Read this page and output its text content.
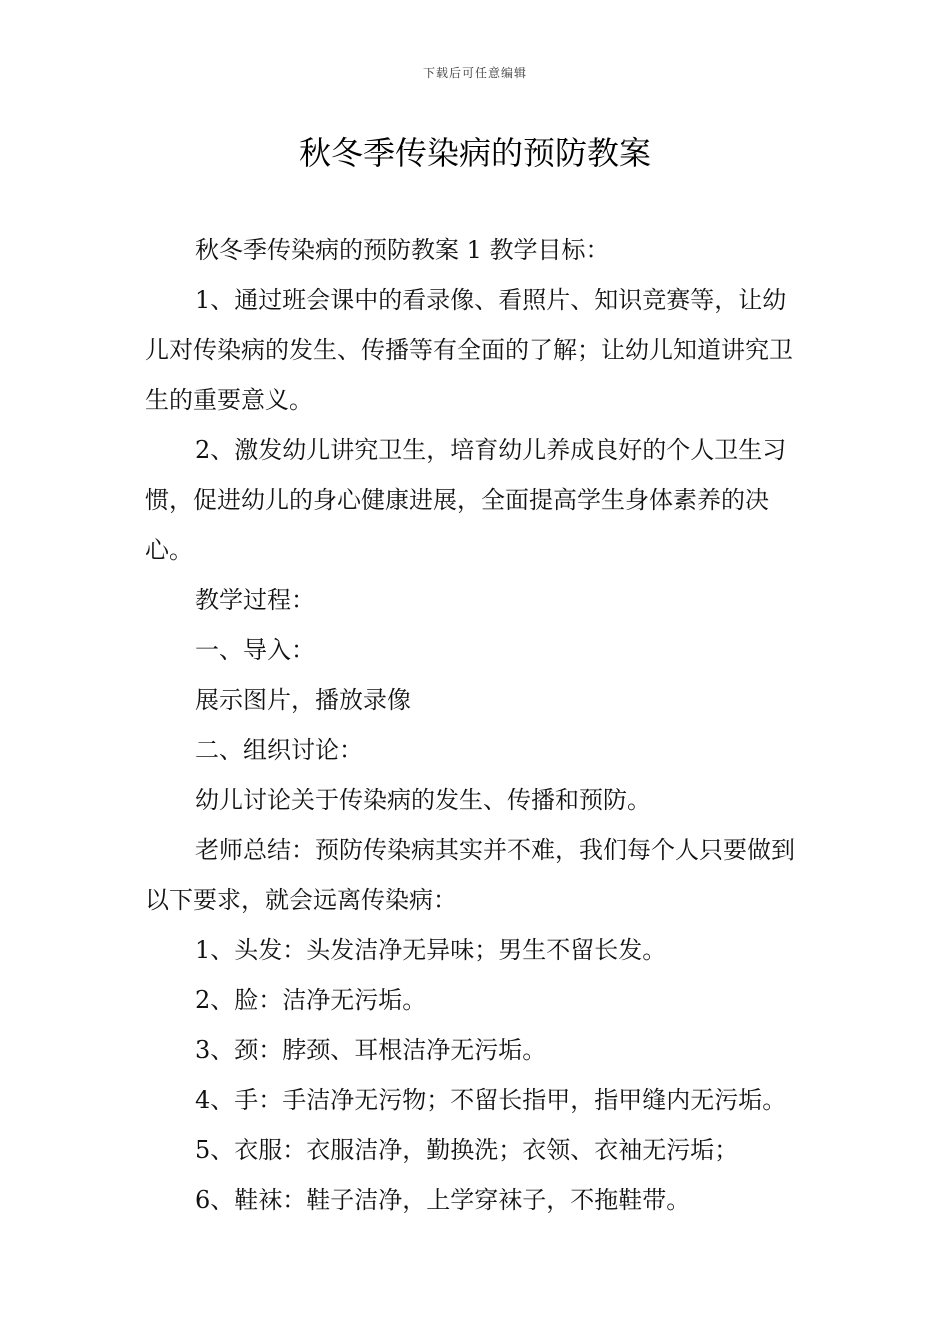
下载后可任意编辑
秋冬季传染病的预防教案

秋冬季传染病的预防教案 1 教学目标：

1、通过班会课中的看录像、看照片、知识竞赛等，让幼儿对传染病的发生、传播等有全面的了解；让幼儿知道讲究卫生的重要意义。

2、激发幼儿讲究卫生，培育幼儿养成良好的个人卫生习惯，促进幼儿的身心健康进展，全面提高学生身体素养的决心。

教学过程：

一、导入：

展示图片，播放录像

二、组织讨论：

幼儿讨论关于传染病的发生、传播和预防。

老师总结：预防传染病其实并不难，我们每个人只要做到以下要求，就会远离传染病：

1、头发：头发洁净无异味；男生不留长发。

2、脸：洁净无污垢。

3、颈：脖颈、耳根洁净无污垢。

4、手：手洁净无污物；不留长指甲，指甲缝内无污垢。

5、衣服：衣服洁净，勤换洗；衣领、衣袖无污垢；

6、鞋袜：鞋子洁净，上学穿袜子，不拖鞋带。
